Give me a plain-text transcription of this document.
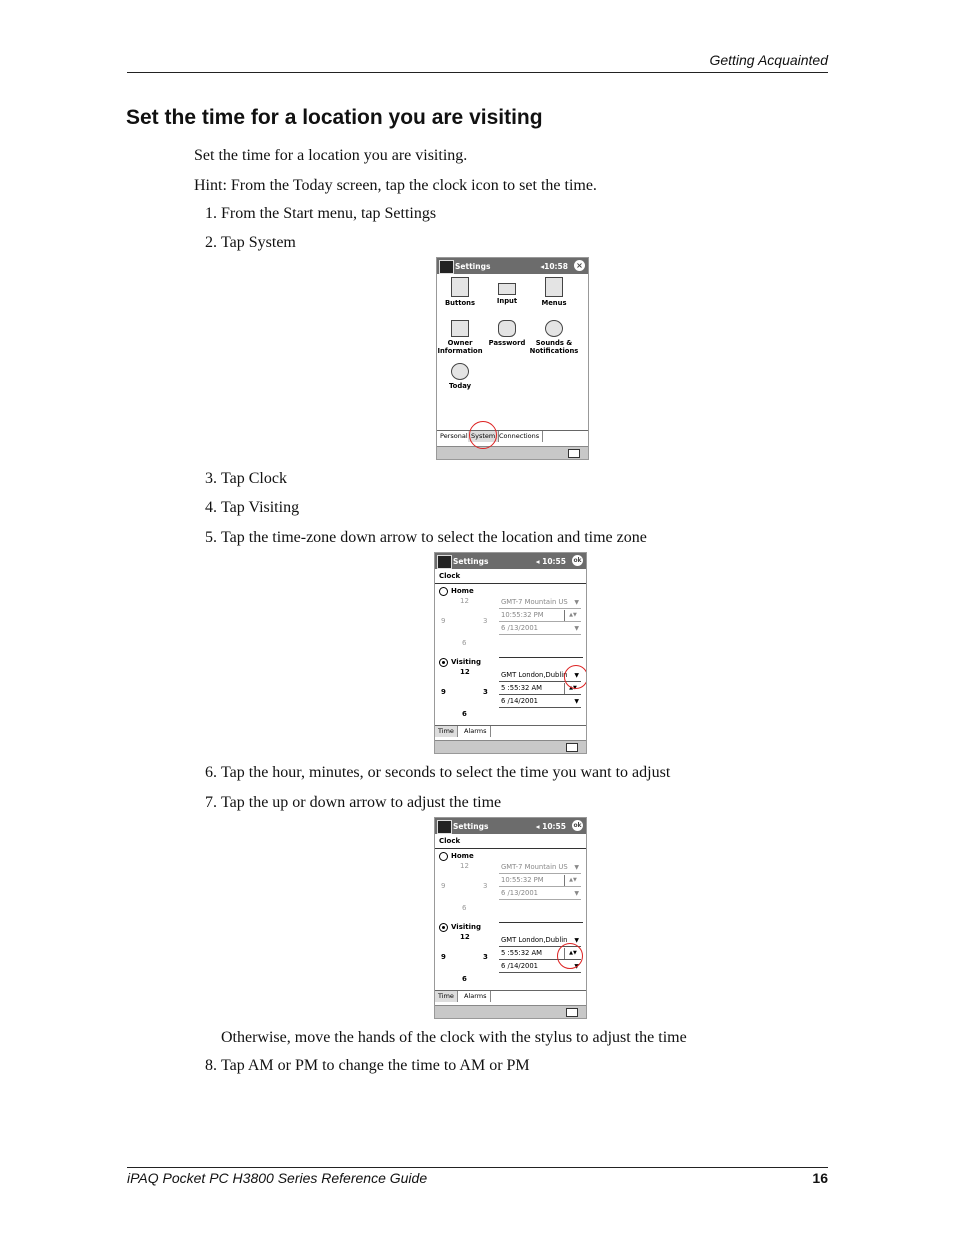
Getting Acquainted
Set the time for a location you are visiting
Set the time for a location you are visiting.
Hint: From the Today screen, tap the clock icon to set the time.
1. From the Start menu, tap Settings
2. Tap System
Settings	◂​10:58 ×
Buttons	Input	Menus
Owner Information
Password	Sounds & Notifications
Today
Personal System Connections
3. Tap Clock
4. Tap Visiting
5. Tap the time-zone down arrow to select the location and time zone
Settings	◂ 10:55 ok
Clock
Home
12
3
6
9
GMT-7 Mountain US ▼
10:55:32 PM	▲▼
6 /13/2001	▼
Visiting
12
3
6
9
GMT London,Dublin ▼
5 :55:32 AM	▲▼
6 /14/2001	▼
Time	Alarms
6. Tap the hour, minutes, or seconds to select the time you want to adjust
7. Tap the up or down arrow to adjust the time
Settings	◂ 10:55 ok
Clock
Home
12
3
6
9
GMT-7 Mountain US ▼
10:55:32 PM	▲▼
6 /13/2001	▼
Visiting
12
3
6
9
GMT London,Dublin ▼
5 :55:32 AM	▲▼
6 /14/2001	▼
Time	Alarms
Otherwise, move the hands of the clock with the stylus to adjust the time
8. Tap AM or PM to change the time to AM or PM
iPAQ Pocket PC H3800 Series Reference Guide	16
